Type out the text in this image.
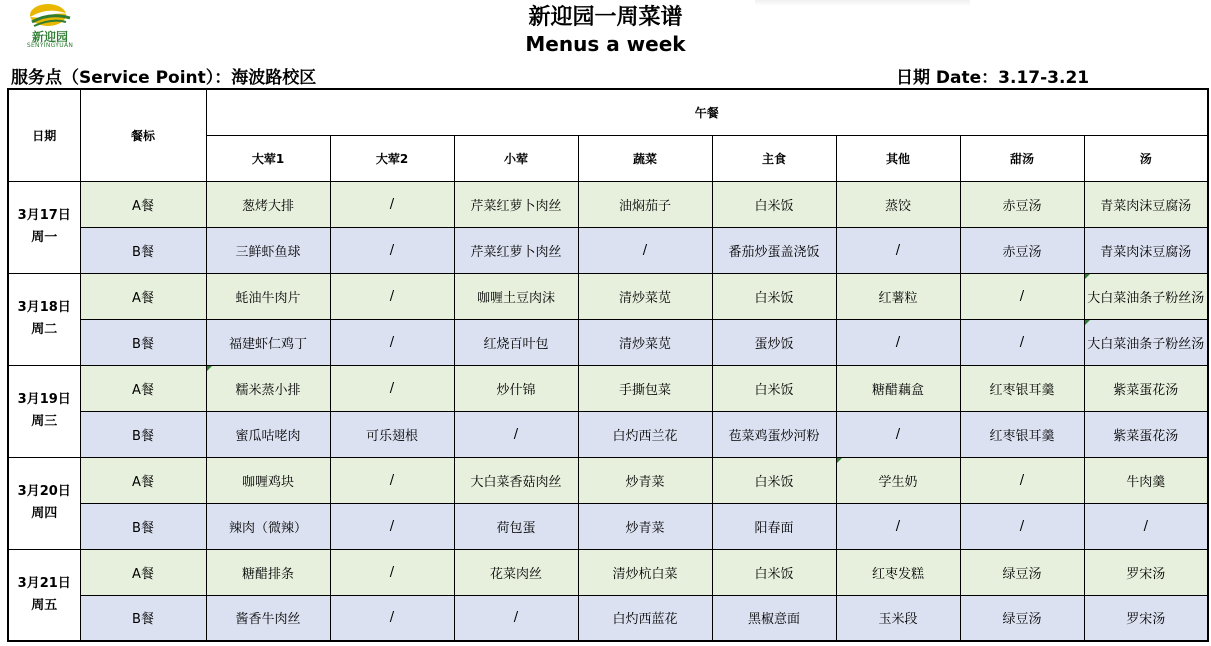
新迎园
SENYINGYUAN
新迎园一周菜谱
Menus a week
服务点（Service Point）：海波路校区	日期 Date：3.17-3.21
日期	餐标	午餐							
		大荤1	大荤2	小荤	蔬菜	主食	其他	甜汤	汤

3月17日
周一	A餐	葱烤大排	/	芹菜红萝卜肉丝	油焖茄子	白米饭	蒸饺	赤豆汤	青菜肉沫豆腐汤
	B餐	三鲜虾鱼球	/	芹菜红萝卜肉丝	/	番茄炒蛋盖浇饭	/	赤豆汤	青菜肉沫豆腐汤

3月18日
周二	A餐	蚝油牛肉片	/	咖喱土豆肉沫	清炒菜苋	白米饭	红薯粒	/	大白菜油条子粉丝汤
	B餐	福建虾仁鸡丁	/	红烧百叶包	清炒菜苋	蛋炒饭	/	/	大白菜油条子粉丝汤

3月19日
周三	A餐	糯米蒸小排	/	炒什锦	手撕包菜	白米饭	糖醋藕盒	红枣银耳羹	紫菜蛋花汤
	B餐	蜜瓜咕咾肉	可乐翅根	/	白灼西兰花	苞菜鸡蛋炒河粉	/	红枣银耳羹	紫菜蛋花汤

3月20日
周四	A餐	咖喱鸡块	/	大白菜香菇肉丝	炒青菜	白米饭	学生奶	/	牛肉羹
	B餐	辣肉（微辣）	/	荷包蛋	炒青菜	阳春面	/	/	/

3月21日
周五	A餐	糖醋排条	/	花菜肉丝	清炒杭白菜	白米饭	红枣发糕	绿豆汤	罗宋汤
	B餐	酱香牛肉丝	/	/	白灼西蓝花	黑椒意面	玉米段	绿豆汤	罗宋汤
